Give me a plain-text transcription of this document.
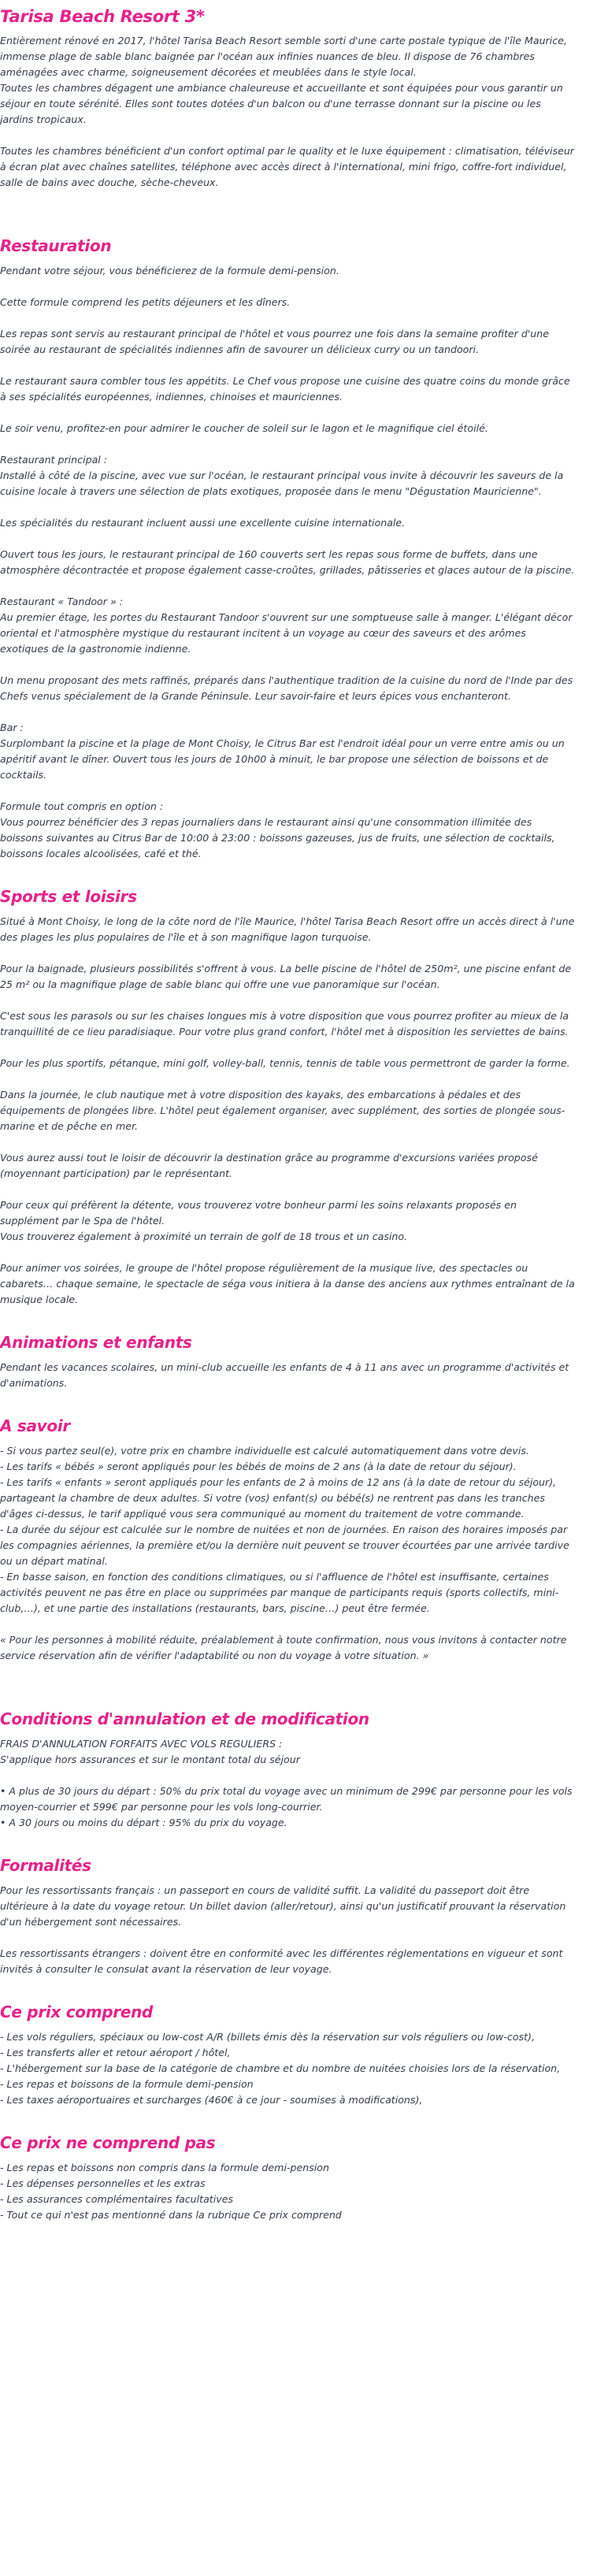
Tarisa Beach Resort 3*

Entièrement rénové en 2017, l'hôtel Tarisa Beach Resort semble sorti d'une carte postale typique de l'île Maurice, immense plage de sable blanc baignée par l'océan aux infinies nuances de bleu. Il dispose de 76 chambres aménagées avec charme, soigneusement décorées et meublées dans le style local.
Toutes les chambres dégagent une ambiance chaleureuse et accueillante et sont équipées pour vous garantir un séjour en toute sérénité. Elles sont toutes dotées d'un balcon ou d'une terrasse donnant sur la piscine ou les jardins tropicaux.

Toutes les chambres bénéficient d'un confort optimal par le quality et le luxe équipement : climatisation, téléviseur à écran plat avec chaînes satellites, téléphone avec accès direct à l'international, mini frigo, coffre-fort individuel, salle de bains avec douche, sèche-cheveux.

Restauration

Pendant votre séjour, vous bénéficierez de la formule demi-pension.

Cette formule comprend les petits déjeuners et les dîners.

Les repas sont servis au restaurant principal de l'hôtel et vous pourrez une fois dans la semaine profiter d'une soirée au restaurant de spécialités indiennes afin de savourer un délicieux curry ou un tandoori.

Le restaurant saura combler tous les appétits. Le Chef vous propose une cuisine des quatre coins du monde grâce à ses spécialités européennes, indiennes, chinoises et mauriciennes.

Le soir venu, profitez-en pour admirer le coucher de soleil sur le lagon et le magnifique ciel étoilé.

Restaurant principal :
Installé à côté de la piscine, avec vue sur l'océan, le restaurant principal vous invite à découvrir les saveurs de la cuisine locale à travers une sélection de plats exotiques, proposée dans le menu "Dégustation Mauricienne".

Les spécialités du restaurant incluent aussi une excellente cuisine internationale.

Ouvert tous les jours, le restaurant principal de 160 couverts sert les repas sous forme de buffets, dans une atmosphère décontractée et propose également casse-croûtes, grillades, pâtisseries et glaces autour de la piscine.

Restaurant « Tandoor » :
Au premier étage, les portes du Restaurant Tandoor s'ouvrent sur une somptueuse salle à manger. L'élégant décor oriental et l'atmosphère mystique du restaurant incitent à un voyage au cœur des saveurs et des arômes exotiques de la gastronomie indienne.

Un menu proposant des mets raffinés, préparés dans l'authentique tradition de la cuisine du nord de l'Inde par des Chefs venus spécialement de la Grande Péninsule. Leur savoir-faire et leurs épices vous enchanteront.

Bar :
Surplombant la piscine et la plage de Mont Choisy, le Citrus Bar est l'endroit idéal pour un verre entre amis ou un apéritif avant le dîner. Ouvert tous les jours de 10h00 à minuit, le bar propose une sélection de boissons et de cocktails.

Formule tout compris en option :
Vous pourrez bénéficier des 3 repas journaliers dans le restaurant ainsi qu'une consommation illimitée des boissons suivantes au Citrus Bar de 10:00 à 23:00 : boissons gazeuses, jus de fruits, une sélection de cocktails, boissons locales alcoolisées, café et thé.

Sports et loisirs

Situé à Mont Choisy, le long de la côte nord de l'île Maurice, l'hôtel Tarisa Beach Resort offre un accès direct à l'une des plages les plus populaires de l'île et à son magnifique lagon turquoise.

Pour la baignade, plusieurs possibilités s'offrent à vous. La belle piscine de l'hôtel de 250m², une piscine enfant de 25 m² ou la magnifique plage de sable blanc qui offre une vue panoramique sur l'océan.

C'est sous les parasols ou sur les chaises longues mis à votre disposition que vous pourrez profiter au mieux de la tranquillité de ce lieu paradisiaque. Pour votre plus grand confort, l'hôtel met à disposition les serviettes de bains.

Pour les plus sportifs, pétanque, mini golf, volley-ball, tennis, tennis de table vous permettront de garder la forme.

Dans la journée, le club nautique met à votre disposition des kayaks, des embarcations à pédales et des équipements de plongées libre. L'hôtel peut également organiser, avec supplément, des sorties de plongée sous-marine et de pêche en mer.

Vous aurez aussi tout le loisir de découvrir la destination grâce au programme d'excursions variées proposé (moyennant participation) par le représentant.

Pour ceux qui préfèrent la détente, vous trouverez votre bonheur parmi les soins relaxants proposés en supplément par le Spa de l'hôtel.
Vous trouverez également à proximité un terrain de golf de 18 trous et un casino.

Pour animer vos soirées, le groupe de l'hôtel propose régulièrement de la musique live, des spectacles ou cabarets… chaque semaine, le spectacle de séga vous initiera à la danse des anciens aux rythmes entraînant de la musique locale.

Animations et enfants

Pendant les vacances scolaires, un mini-club accueille les enfants de 4 à 11 ans avec un programme d'activités et d'animations.

A savoir

- Si vous partez seul(e), votre prix en chambre individuelle est calculé automatiquement dans votre devis.
- Les tarifs « bébés » seront appliqués pour les bébés de moins de 2 ans (à la date de retour du séjour).
- Les tarifs « enfants » seront appliqués pour les enfants de 2 à moins de 12 ans (à la date de retour du séjour), partageant la chambre de deux adultes. Si votre (vos) enfant(s) ou bébé(s) ne rentrent pas dans les tranches d'âges ci-dessus, le tarif appliqué vous sera communiqué au moment du traitement de votre commande.
- La durée du séjour est calculée sur le nombre de nuitées et non de journées. En raison des horaires imposés par les compagnies aériennes, la première et/ou la dernière nuit peuvent se trouver écourtées par une arrivée tardive ou un départ matinal.
- En basse saison, en fonction des conditions climatiques, ou si l'affluence de l'hôtel est insuffisante, certaines activités peuvent ne pas être en place ou supprimées par manque de participants requis (sports collectifs, mini-club,…), et une partie des installations (restaurants, bars, piscine…) peut être fermée.

« Pour les personnes à mobilité réduite, préalablement à toute confirmation, nous vous invitons à contacter notre service réservation afin de vérifier l'adaptabilité ou non du voyage à votre situation. »

Conditions d'annulation et de modification

FRAIS D'ANNULATION FORFAITS AVEC VOLS REGULIERS :
S'applique hors assurances et sur le montant total du séjour

• A plus de 30 jours du départ : 50% du prix total du voyage avec un minimum de 299€ par personne pour les vols moyen-courrier et 599€ par personne pour les vols long-courrier.
• A 30 jours ou moins du départ : 95% du prix du voyage.

Formalités

Pour les ressortissants français : un passeport en cours de validité suffit. La validité du passeport doit être ultérieure à la date du voyage retour. Un billet davion (aller/retour), ainsi qu'un justificatif prouvant la réservation d'un hébergement sont nécessaires.

Les ressortissants étrangers : doivent être en conformité avec les différentes réglementations en vigueur et sont invités à consulter le consulat avant la réservation de leur voyage.

Ce prix comprend

- Les vols réguliers, spéciaux ou low-cost A/R (billets émis dès la réservation sur vols réguliers ou low-cost),
- Les transferts aller et retour aéroport / hôtel,
- L'hébergement sur la base de la catégorie de chambre et du nombre de nuitées choisies lors de la réservation,
- Les repas et boissons de la formule demi-pension
- Les taxes aéroportuaires et surcharges (460€ à ce jour - soumises à modifications),

Ce prix ne comprend pas

- Les repas et boissons non compris dans la formule demi-pension
- Les dépenses personnelles et les extras
- Les assurances complémentaires facultatives
- Tout ce qui n'est pas mentionné dans la rubrique Ce prix comprend
